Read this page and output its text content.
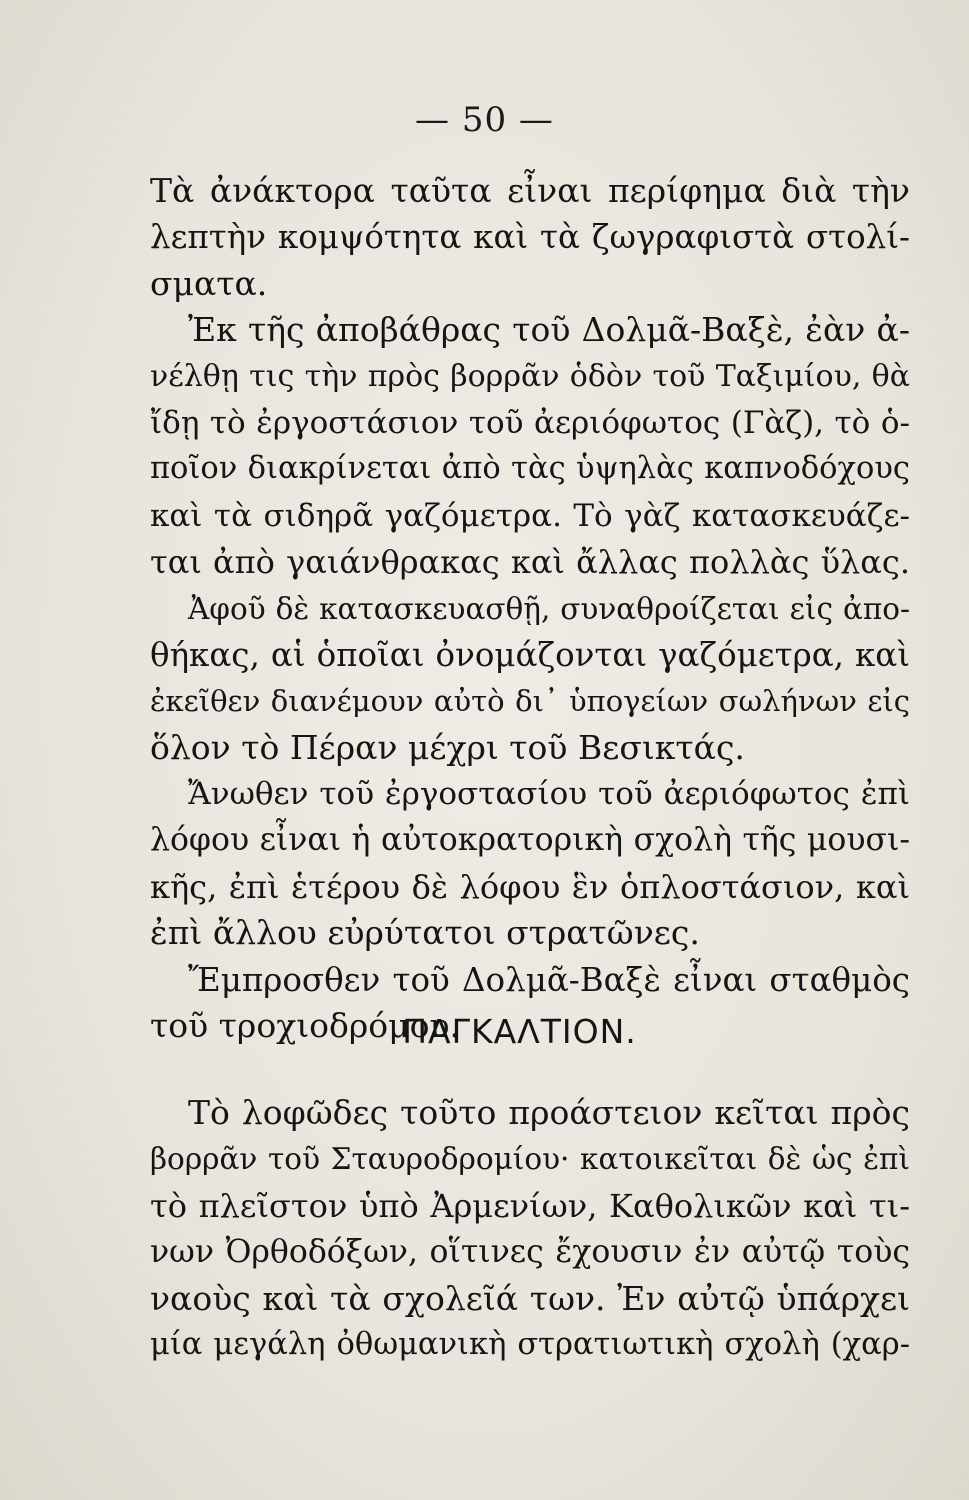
— 50 —
Τὰ ἀνάκτορα ταῦτα εἶναι περίφημα διὰ τὴν
λεπτὴν κομψότητα καὶ τὰ ζωγραφιστὰ στολί-
σματα.
Ἐκ τῆς ἀποβάθρας τοῦ Δολμᾶ-Βαξὲ, ἐὰν ἀ-
νέλθῃ τις τὴν πρὸς βορρᾶν ὁδὸν τοῦ Ταξιμίου, θὰ
ἴδῃ τὸ ἐργοστάσιον τοῦ ἀεριόφωτος (Γὰζ), τὸ ὁ-
ποῖον διακρίνεται ἀπὸ τὰς ὑψηλὰς καπνοδόχους
καὶ τὰ σιδηρᾶ γαζόμετρα. Τὸ γὰζ κατασκευάζε-
ται ἀπὸ γαιάνθρακας καὶ ἄλλας πολλὰς ὕλας.
Ἀφοῦ δὲ κατασκευασθῇ, συναθροίζεται εἰς ἀπο-
θήκας, αἱ ὁποῖαι ὀνομάζονται γαζόμετρα, καὶ
ἐκεῖθεν διανέμουν αὐτὸ δι᾽ ὑπογείων σωλήνων εἰς
ὅλον τὸ Πέραν μέχρι τοῦ Βεσικτάς.
Ἄνωθεν τοῦ ἐργοστασίου τοῦ ἀεριόφωτος ἐπὶ
λόφου εἶναι ἡ αὐτοκρατορικὴ σχολὴ τῆς μουσι-
κῆς, ἐπὶ ἑτέρου δὲ λόφου ἓν ὁπλοστάσιον, καὶ
ἐπὶ ἄλλου εὐρύτατοι στρατῶνες.
Ἔμπροσθεν τοῦ Δολμᾶ-Βαξὲ εἶναι σταθμὸς
τοῦ τροχιοδρόμου.
ΠΑΓΚΑΛΤΙΟΝ.
Τὸ λοφῶδες τοῦτο προάστειον κεῖται πρὸς
βορρᾶν τοῦ Σταυροδρομίου· κατοικεῖται δὲ ὡς ἐπὶ
τὸ πλεῖστον ὑπὸ Ἀρμενίων, Καθολικῶν καὶ τι-
νων Ὀρθοδόξων, οἵτινες ἔχουσιν ἐν αὐτῷ τοὺς
ναοὺς καὶ τὰ σχολεῖά των. Ἐν αὐτῷ ὑπάρχει
μία μεγάλη ὀθωμανικὴ στρατιωτικὴ σχολὴ (χαρ-
